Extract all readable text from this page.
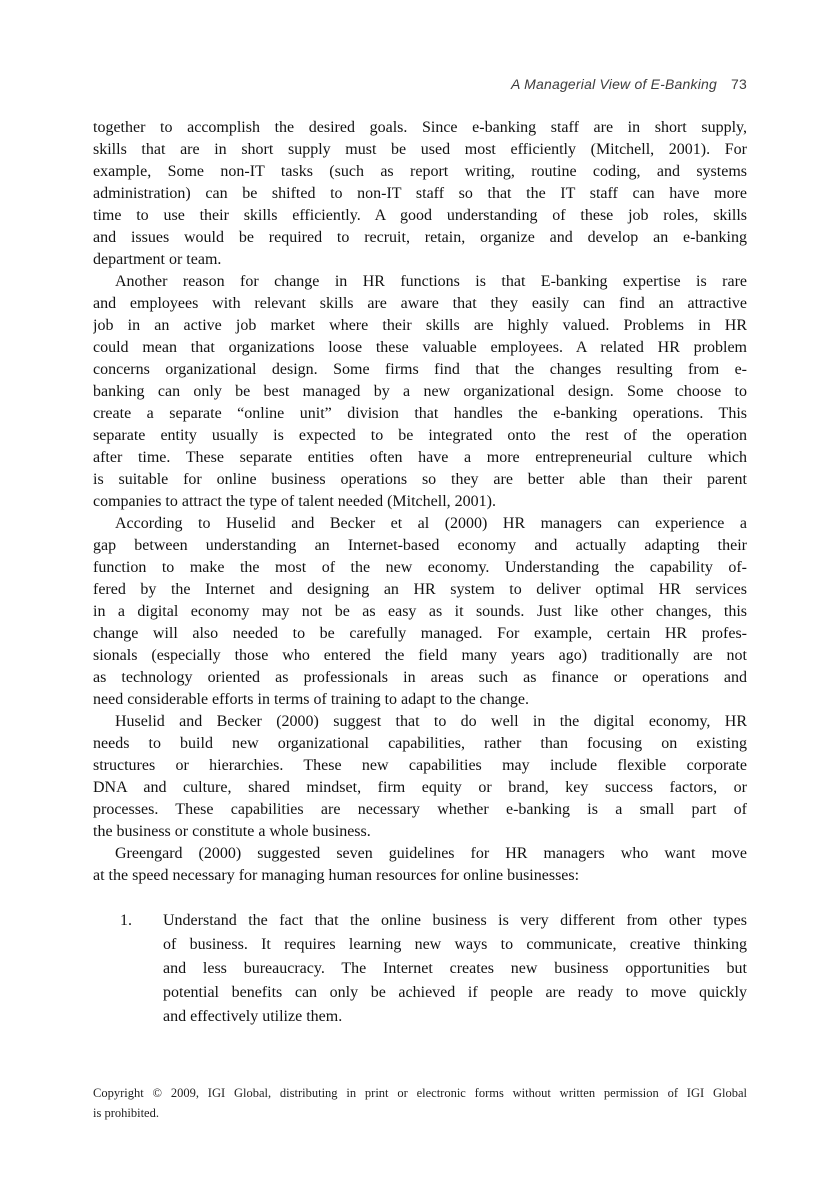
A Managerial View of E-Banking 73
together to accomplish the desired goals. Since e-banking staff are in short supply,
skills that are in short supply must be used most efficiently (Mitchell, 2001). For
example, Some non-IT tasks (such as report writing, routine coding, and systems
administration) can be shifted to non-IT staff so that the IT staff can have more
time to use their skills efficiently. A good understanding of these job roles, skills
and issues would be required to recruit, retain, organize and develop an e-banking
department or team.
Another reason for change in HR functions is that E-banking expertise is rare
and employees with relevant skills are aware that they easily can find an attractive
job in an active job market where their skills are highly valued. Problems in HR
could mean that organizations loose these valuable employees. A related HR problem
concerns organizational design. Some firms find that the changes resulting from e-
banking can only be best managed by a new organizational design. Some choose to
create a separate “online unit” division that handles the e-banking operations. This
separate entity usually is expected to be integrated onto the rest of the operation
after time. These separate entities often have a more entrepreneurial culture which
is suitable for online business operations so they are better able than their parent
companies to attract the type of talent needed (Mitchell, 2001).
According to Huselid and Becker et al (2000) HR managers can experience a
gap between understanding an Internet-based economy and actually adapting their
function to make the most of the new economy. Understanding the capability of-
fered by the Internet and designing an HR system to deliver optimal HR services
in a digital economy may not be as easy as it sounds. Just like other changes, this
change will also needed to be carefully managed. For example, certain HR profes-
sionals (especially those who entered the field many years ago) traditionally are not
as technology oriented as professionals in areas such as finance or operations and
need considerable efforts in terms of training to adapt to the change.
Huselid and Becker (2000) suggest that to do well in the digital economy, HR
needs to build new organizational capabilities, rather than focusing on existing
structures or hierarchies. These new capabilities may include flexible corporate
DNA and culture, shared mindset, firm equity or brand, key success factors, or
processes. These capabilities are necessary whether e-banking is a small part of
the business or constitute a whole business.
Greengard (2000) suggested seven guidelines for HR managers who want move
at the speed necessary for managing human resources for online businesses:
1.	Understand the fact that the online business is very different from other types
of business. It requires learning new ways to communicate, creative thinking
and less bureaucracy. The Internet creates new business opportunities but
potential benefits can only be achieved if people are ready to move quickly
and effectively utilize them.
Copyright © 2009, IGI Global, distributing in print or electronic forms without written permission of IGI Global
is prohibited.
